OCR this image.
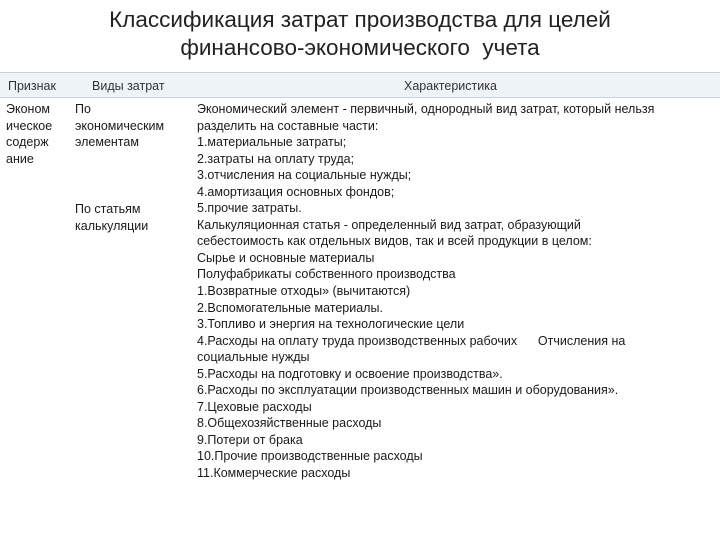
Классификация затрат производства для целей
финансово-экономического  учета
Признак	Виды затрат	Характеристика
Эконом
ическое
содерж
ание
По
экономическим
элементам
По статьям
калькуляции
Экономический элемент - первичный, однородный вид затрат, который нельзя
разделить на составные части:
1.материальные затраты;
2.затраты на оплату труда;
3.отчисления на социальные нужды;
4.амортизация основных фондов;
5.прочие затраты.
Калькуляционная статья - определенный вид затрат, образующий
себестоимость как отдельных видов, так и всей продукции в целом:
Сырье и основные материалы
Полуфабрикаты собственного производства
1.Возвратные отходы» (вычитаются)
2.Вспомогательные материалы.
3.Топливо и энергия на технологические цели
4.Расходы на оплату труда производственных рабочих      Отчисления на
социальные нужды
5.Расходы на подготовку и освоение производства».
6.Расходы по эксплуатации производственных машин и оборудования».
7.Цеховые расходы
8.Общехозяйственные расходы
9.Потери от брака
10.Прочие производственные расходы
11.Коммерческие расходы
